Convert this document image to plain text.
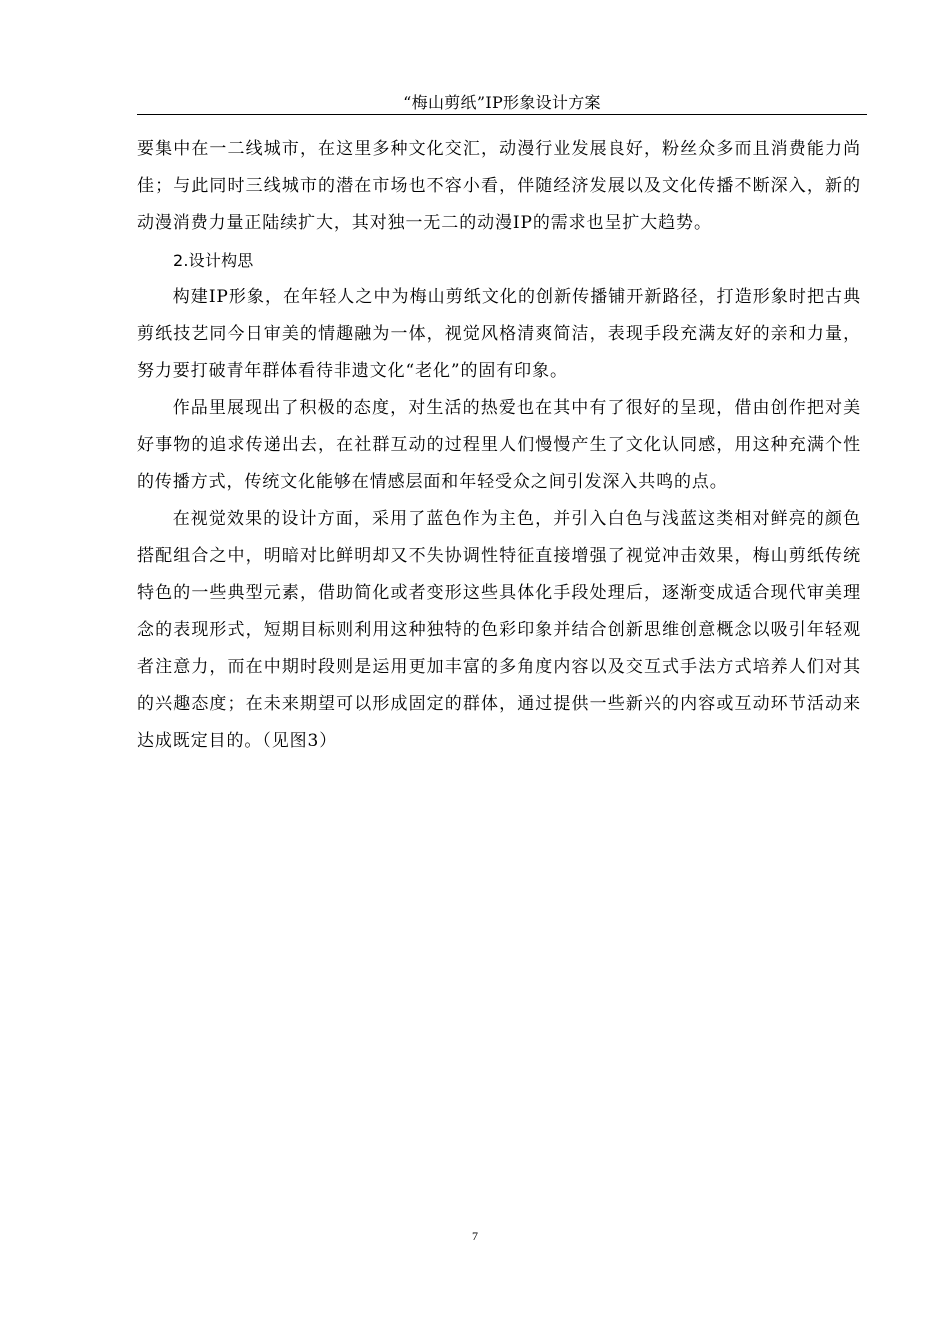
“梅山剪纸”IP形象设计方案

要集中在一二线城市，在这里多种文化交汇，动漫行业发展良好，粉丝众多而且消费能力尚佳；与此同时三线城市的潜在市场也不容小看，伴随经济发展以及文化传播不断深入，新的动漫消费力量正陆续扩大，其对独一无二的动漫IP的需求也呈扩大趋势。

2.设计构思

构建IP形象，在年轻人之中为梅山剪纸文化的创新传播铺开新路径，打造形象时把古典剪纸技艺同今日审美的情趣融为一体，视觉风格清爽简洁，表现手段充满友好的亲和力量，努力要打破青年群体看待非遗文化“老化”的固有印象。

作品里展现出了积极的态度，对生活的热爱也在其中有了很好的呈现，借由创作把对美好事物的追求传递出去，在社群互动的过程里人们慢慢产生了文化认同感，用这种充满个性的传播方式，传统文化能够在情感层面和年轻受众之间引发深入共鸣的点。

在视觉效果的设计方面，采用了蓝色作为主色，并引入白色与浅蓝这类相对鲜亮的颜色搭配组合之中，明暗对比鲜明却又不失协调性特征直接增强了视觉冲击效果，梅山剪纸传统特色的一些典型元素，借助简化或者变形这些具体化手段处理后，逐渐变成适合现代审美理念的表现形式，短期目标则利用这种独特的色彩印象并结合创新思维创意概念以吸引年轻观者注意力，而在中期时段则是运用更加丰富的多角度内容以及交互式手法方式培养人们对其的兴趣态度；在未来期望可以形成固定的群体，通过提供一些新兴的内容或互动环节活动来达成既定目的。（见图3）

7
